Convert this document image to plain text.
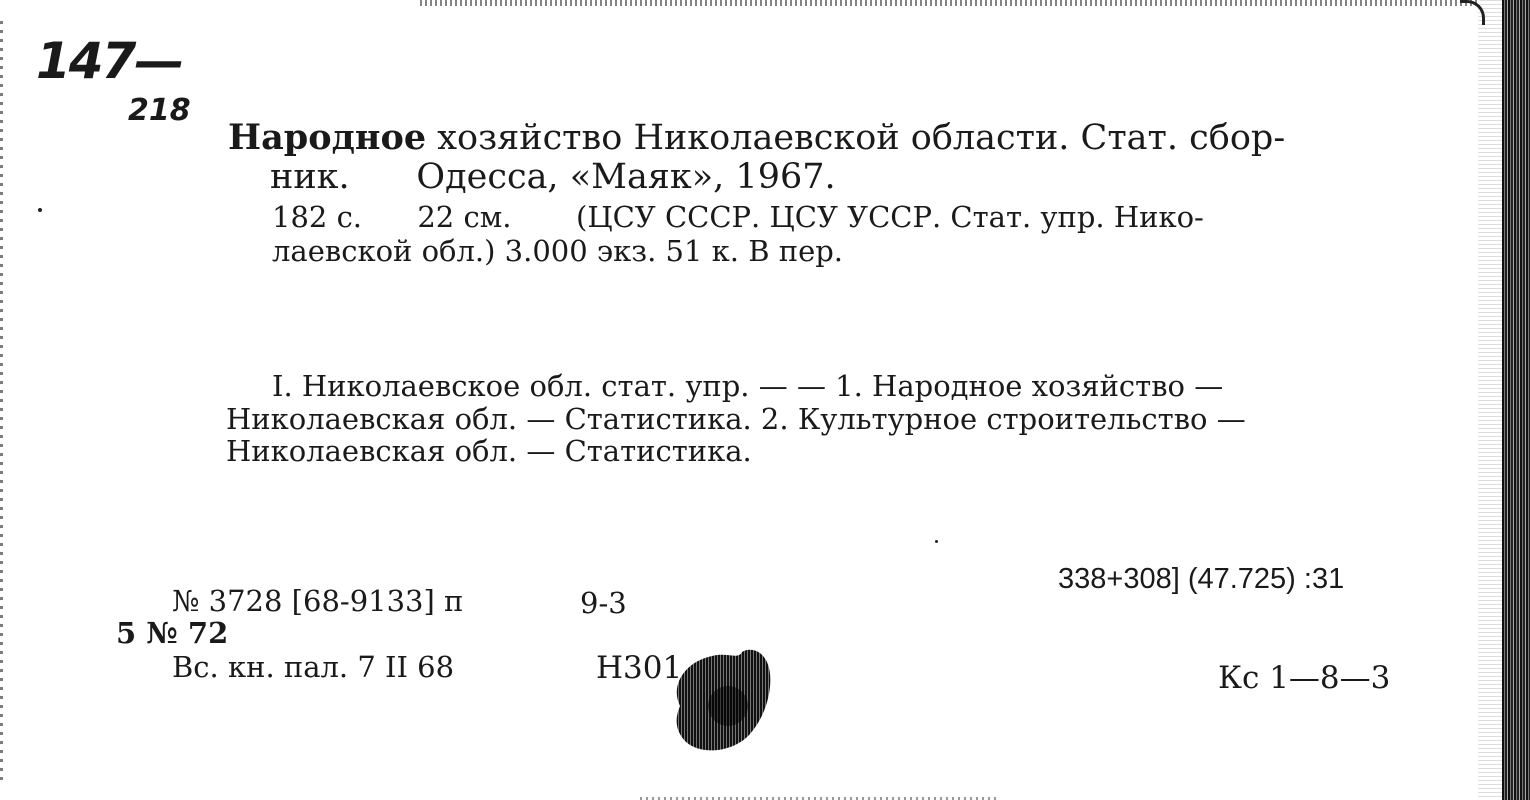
147—
218
Народное хозяйство Николаевской области. Стат. сбор-
ник.      Одесса, «Маяк», 1967.
182 с.      22 см.       (ЦСУ СССР. ЦСУ УССР. Стат. упр. Нико-
лаевской обл.) 3.000 экз. 51 к. В пер.
I. Николаевское обл. стат. упр. — — 1. Народное хозяйство —
Николаевская обл. — Статистика. 2. Культурное строительство —
Николаевская обл. — Статистика.
№ 3728 [68-9133] п	9-3
338+308] (47.725) :31
5 № 72
Вс. кн. пал. 7 II 68	Н301	Кс 1—8—3
